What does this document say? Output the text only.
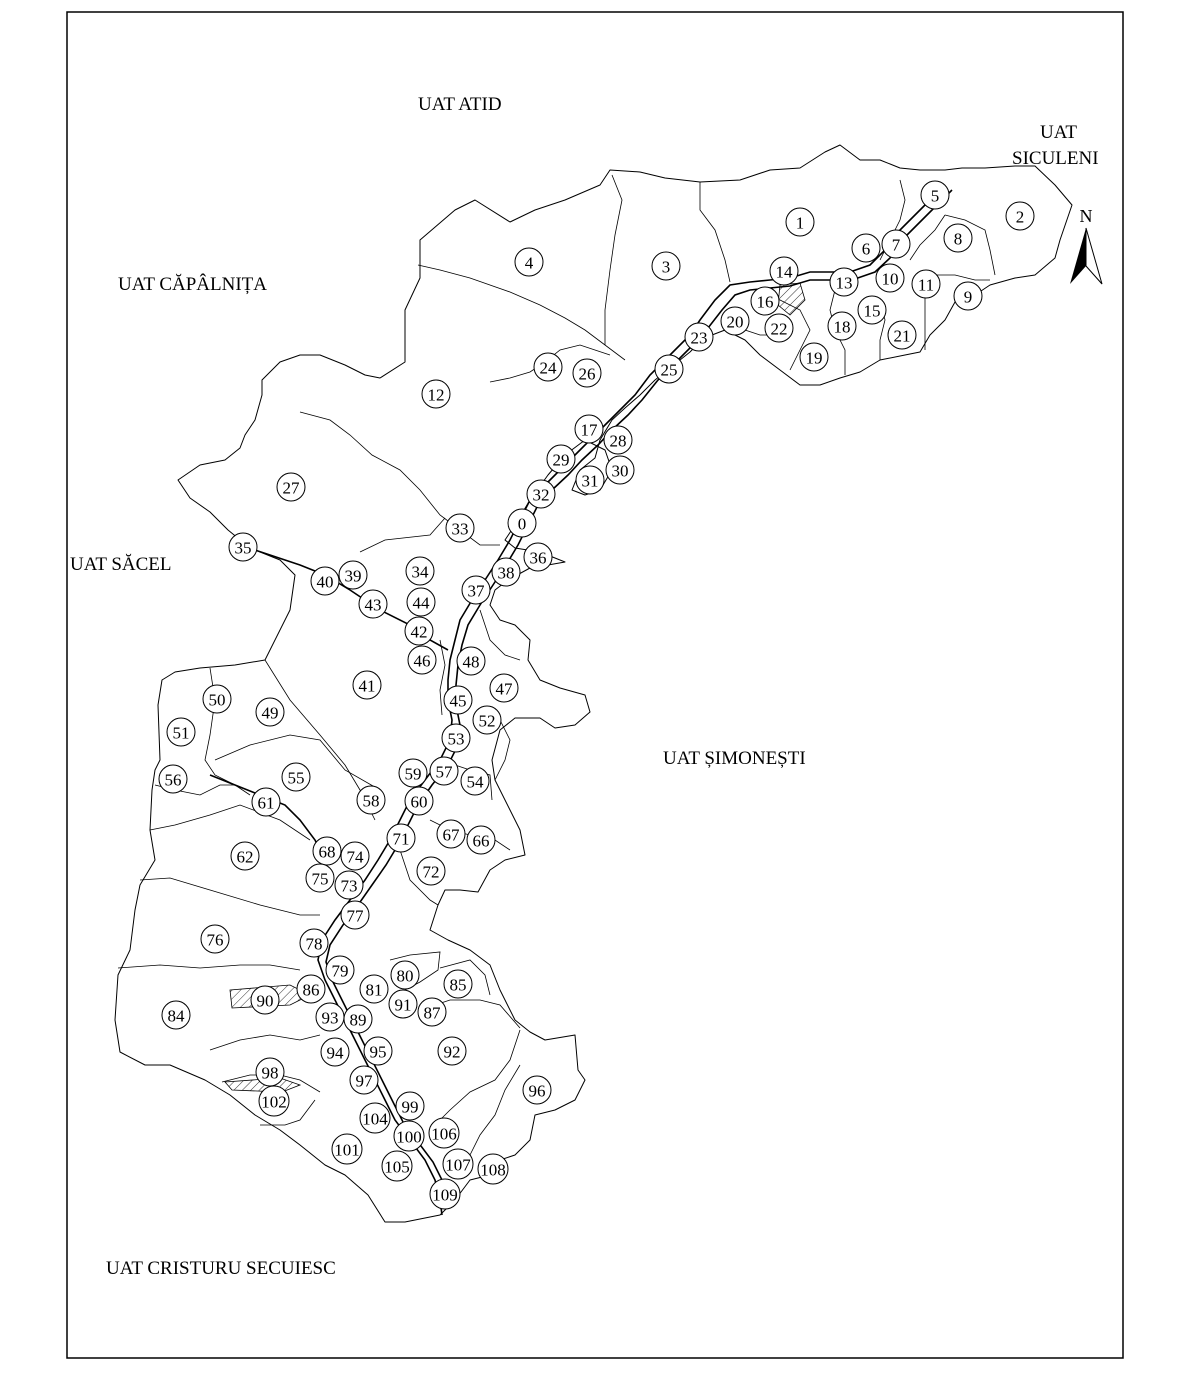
UAT ATID
UAT
SICULENI
UAT CĂPÂLNIȚA
UAT SĂCEL
UAT ȘIMONEȘTI
UAT CRISTURU SECUIESC
N
0
1	2
3
4
5
6 7	8
9
10 11
12
13
14
15
16
17
18
19
20
21
22
23
24	25
26
27
28
29
30
31
32
33
34
35
36
37
38
39
40
41
42
43 44
45
46
47
48
49
50
51
52
53
54
55
56	57
58
59
60
61
62
66
67
68
71
72
73
74
75
76
77
78
79	80
81
84
85
86
87
89
90	91
92
93
94 95
96
97
98
99
100
101
102
104
105
106
107 108
109
